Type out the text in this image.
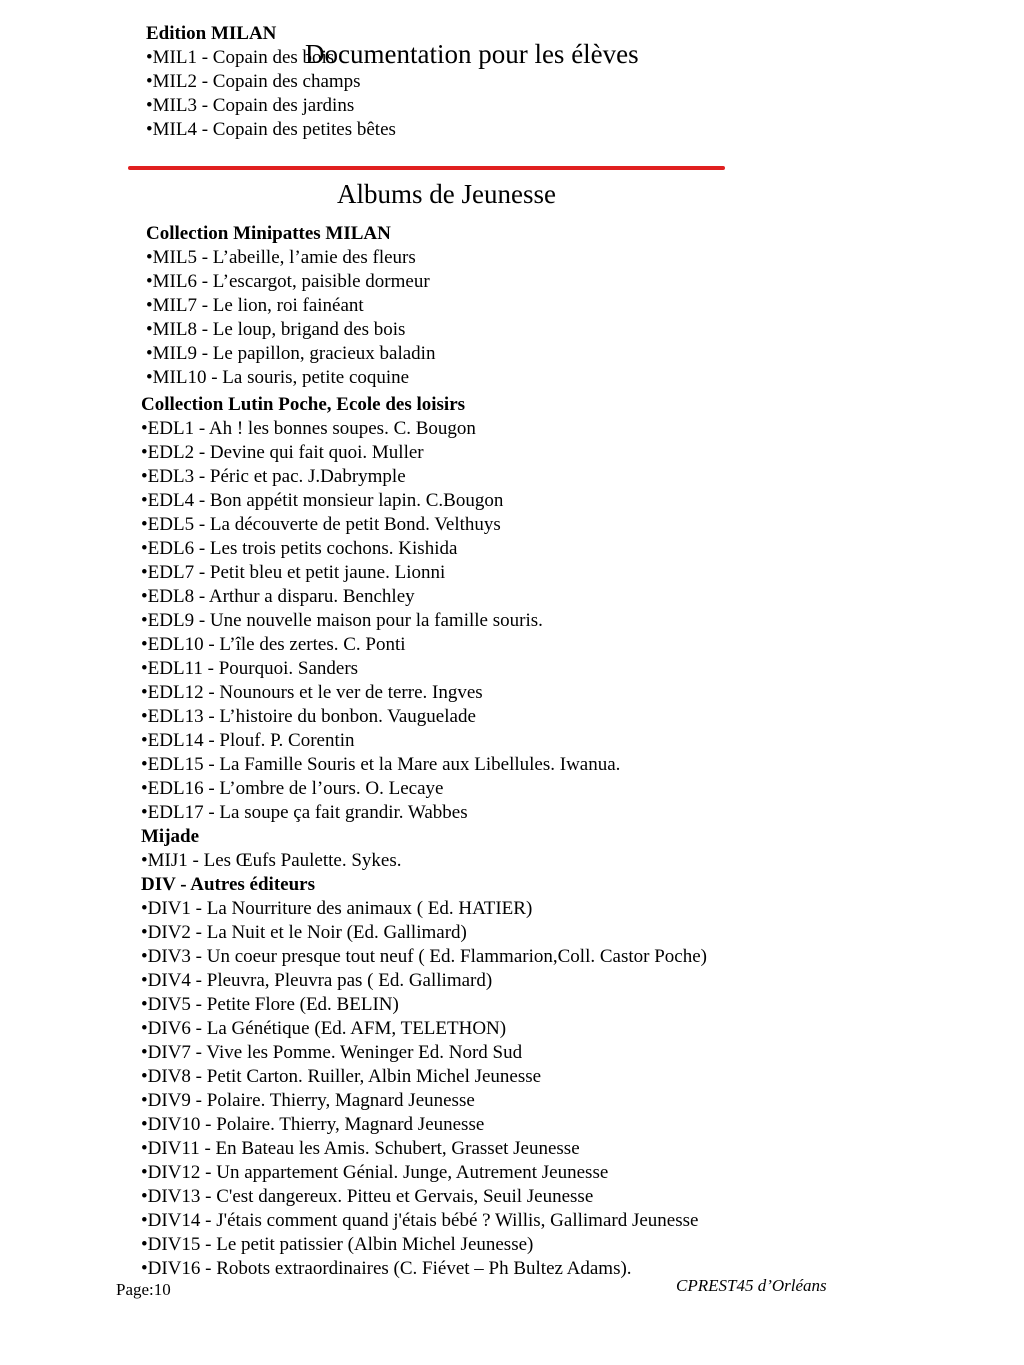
Edition MILAN
Documentation pour les élèves
•MIL1 - Copain des bois
•MIL2 - Copain des champs
•MIL3 - Copain des jardins
•MIL4 - Copain des petites bêtes
Albums de Jeunesse
Collection Minipattes MILAN
•MIL5 - L’abeille, l’amie des fleurs
•MIL6 - L’escargot, paisible dormeur
•MIL7 - Le lion, roi fainéant
•MIL8 - Le loup, brigand des bois
•MIL9 - Le papillon, gracieux baladin
•MIL10 - La souris, petite coquine
Collection Lutin Poche, Ecole des loisirs
•EDL1 - Ah ! les bonnes soupes. C. Bougon
•EDL2 - Devine qui fait quoi. Muller
•EDL3 - Péric et pac. J.Dabrymple
•EDL4 - Bon appétit monsieur lapin. C.Bougon
•EDL5 - La découverte de petit Bond. Velthuys
•EDL6 - Les trois petits cochons. Kishida
•EDL7 - Petit bleu et petit jaune. Lionni
•EDL8 - Arthur a disparu. Benchley
•EDL9 - Une nouvelle maison pour la famille souris.
•EDL10 - L’île des zertes. C. Ponti
•EDL11 - Pourquoi. Sanders
•EDL12 - Nounours et le ver de terre. Ingves
•EDL13 - L’histoire du bonbon. Vauguelade
•EDL14 - Plouf. P. Corentin
•EDL15 - La Famille Souris et la Mare aux Libellules. Iwanua.
•EDL16 - L’ombre de l’ours. O. Lecaye
•EDL17 - La soupe ça fait grandir. Wabbes
Mijade
•MIJ1 - Les Œufs Paulette. Sykes.
DIV - Autres éditeurs
•DIV1 - La Nourriture des animaux ( Ed. HATIER)
•DIV2 - La Nuit et le Noir (Ed. Gallimard)
•DIV3 - Un coeur presque tout neuf ( Ed. Flammarion,Coll. Castor Poche)
•DIV4 - Pleuvra, Pleuvra pas ( Ed. Gallimard)
•DIV5 - Petite Flore (Ed. BELIN)
•DIV6 - La Génétique (Ed. AFM, TELETHON)
•DIV7 - Vive les Pomme. Weninger Ed. Nord Sud
•DIV8 - Petit Carton. Ruiller, Albin Michel Jeunesse
•DIV9 - Polaire. Thierry, Magnard Jeunesse
•DIV10 - Polaire. Thierry, Magnard Jeunesse
•DIV11 - En Bateau les Amis. Schubert, Grasset Jeunesse
•DIV12 - Un appartement Génial. Junge, Autrement Jeunesse
•DIV13 - C'est dangereux. Pitteu et Gervais, Seuil Jeunesse
•DIV14 - J'étais comment quand j'étais bébé ? Willis, Gallimard Jeunesse
•DIV15 - Le petit patissier (Albin Michel Jeunesse)
•DIV16 - Robots extraordinaires (C. Fiévet – Ph Bultez Adams).
Page:10	CPREST45 d’Orléans
